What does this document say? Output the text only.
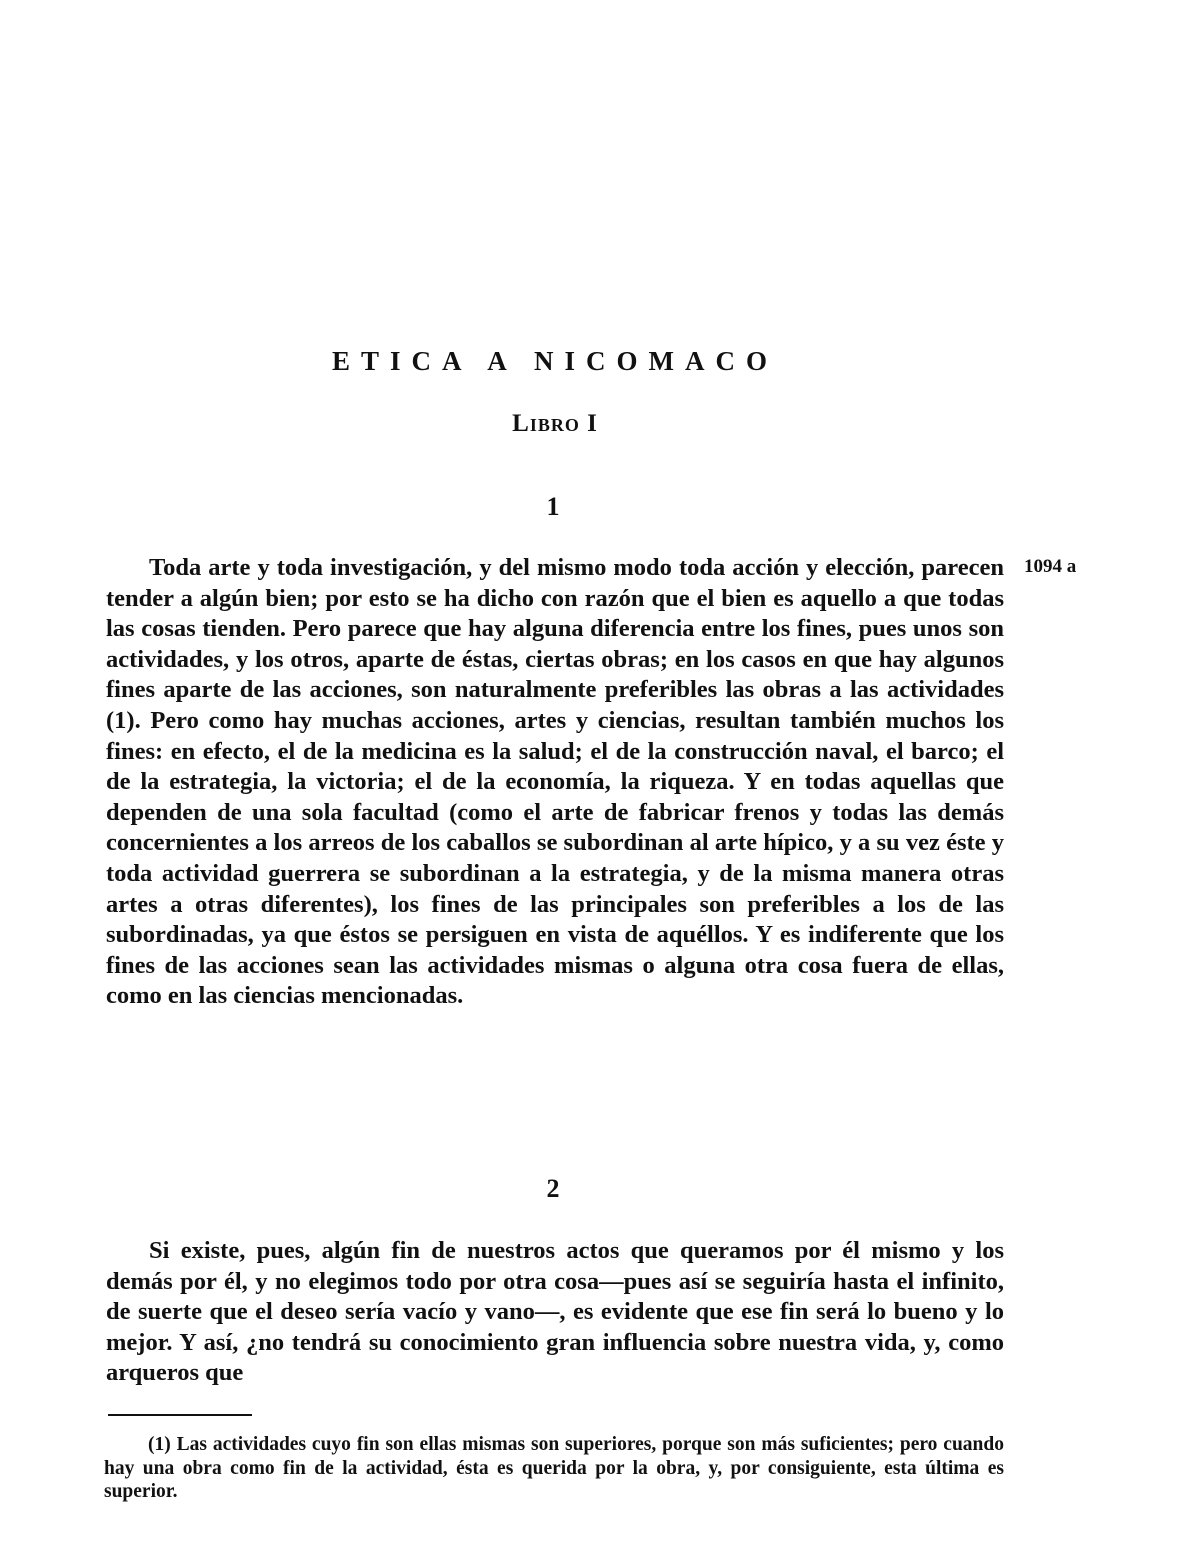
ETICA A NICOMACO
Libro I
1
1094 a

Toda arte y toda investigación, y del mismo modo toda acción y elección, parecen tender a algún bien; por esto se ha dicho con razón que el bien es aquello a que todas las cosas tienden. Pero parece que hay alguna diferencia entre los fines, pues unos son actividades, y los otros, aparte de éstas, ciertas obras; en los casos en que hay algunos fines aparte de las acciones, son naturalmente preferibles las obras a las actividades (1). Pero como hay muchas acciones, artes y ciencias, resultan también muchos los fines: en efecto, el de la medicina es la salud; el de la construcción naval, el barco; el de la estrategia, la victoria; el de la economía, la riqueza. Y en todas aquellas que dependen de una sola facultad (como el arte de fabricar frenos y todas las demás concernientes a los arreos de los caballos se subordinan al arte hípico, y a su vez éste y toda actividad guerrera se subordinan a la estrategia, y de la misma manera otras artes a otras diferentes), los fines de las principales son preferibles a los de las subordinadas, ya que éstos se persiguen en vista de aquéllos. Y es indiferente que los fines de las acciones sean las actividades mismas o alguna otra cosa fuera de ellas, como en las ciencias mencionadas.

2

Si existe, pues, algún fin de nuestros actos que queramos por él mismo y los demás por él, y no elegimos todo por otra cosa—pues así se seguiría hasta el infinito, de suerte que el deseo sería vacío y vano—, es evidente que ese fin será lo bueno y lo mejor. Y así, ¿no tendrá su conocimiento gran influencia sobre nuestra vida, y, como arqueros que

(1) Las actividades cuyo fin son ellas mismas son superiores, porque son más suficientes; pero cuando hay una obra como fin de la actividad, ésta es querida por la obra, y, por consiguiente, esta última es superior.
